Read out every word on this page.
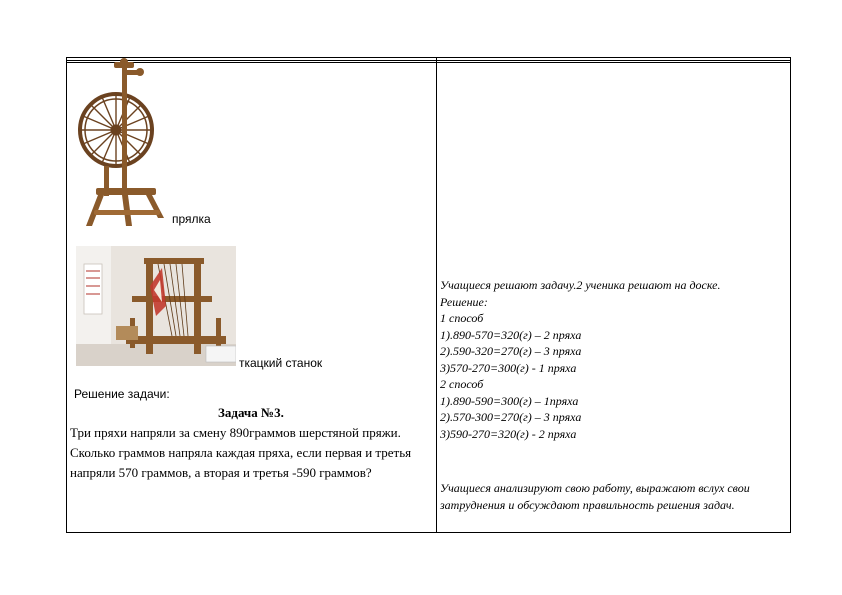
прялка
ткацкий станок
Решение задачи:
Задача №3.
Три пряхи напряли за смену 890граммов шерстяной пряжи. Сколько граммов напряла каждая пряха, если первая и третья напряли 570 граммов, а вторая и третья -590 граммов?
Учащиеся решают задачу.2 ученика решают на доске.
Решение:
1 способ
1).890-570=320(г) – 2 пряха
2).590-320=270(г) – 3 пряха
3)570-270=300(г) - 1 пряха
2 способ
1).890-590=300(г) – 1пряха
2).570-300=270(г) – 3 пряха
3)590-270=320(г) - 2 пряха
Учащиеся анализируют свою работу, выражают вслух свои затруднения и обсуждают правильность решения задач.
